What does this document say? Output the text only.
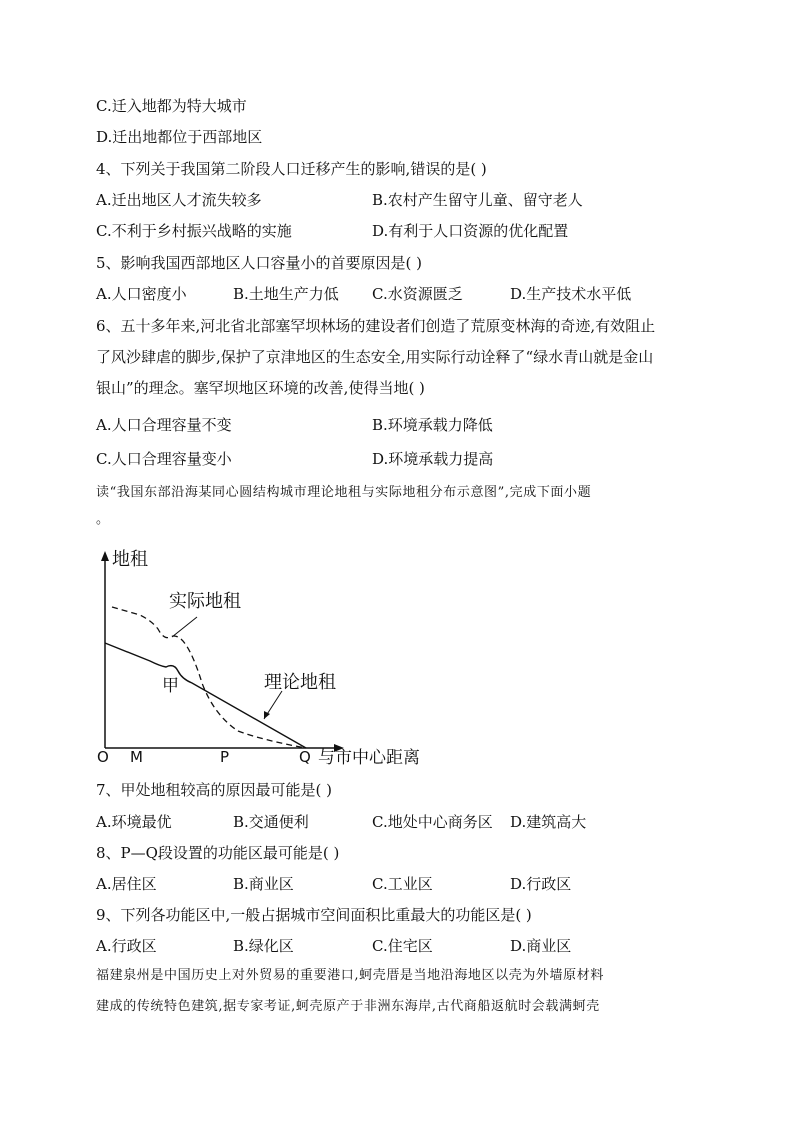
C.迁入地都为特大城市
D.迁出地都位于西部地区
4、下列关于我国第二阶段人口迁移产生的影响,错误的是( )
A.迁出地区人才流失较多	B.农村产生留守儿童、留守老人
C.不利于乡村振兴战略的实施	D.有利于人口资源的优化配置
5、影响我国西部地区人口容量小的首要原因是( )
A.人口密度小	B.土地生产力低 C.水资源匮乏	D.生产技术水平低
6、五十多年来,河北省北部塞罕坝林场的建设者们创造了荒原变林海的奇迹,有效阻止
了风沙肆虐的脚步,保护了京津地区的生态安全,用实际行动诠释了“绿水青山就是金山
银山”的理念。塞罕坝地区环境的改善,使得当地( )
A.人口合理容量不变	B.环境承载力降低
C.人口合理容量变小	D.环境承载力提高
读“我国东部沿海某同心圆结构城市理论地租与实际地租分布示意图”,完成下面小题
。
地租
实际地租
理论地租
甲
O M	P	Q 与市中心距离
7、甲处地租较高的原因最可能是( )
A.环境最优	B.交通便利	C.地处中心商务区 D.建筑高大
8、P—Q段设置的功能区最可能是( )
A.居住区	B.商业区	C.工业区	D.行政区
9、下列各功能区中,一般占据城市空间面积比重最大的功能区是( )
A.行政区	B.绿化区	C.住宅区	D.商业区
福建泉州是中国历史上对外贸易的重要港口,蚵壳厝是当地沿海地区以壳为外墙原材料
建成的传统特色建筑,据专家考证,蚵壳原产于非洲东海岸,古代商船返航时会载满蚵壳
